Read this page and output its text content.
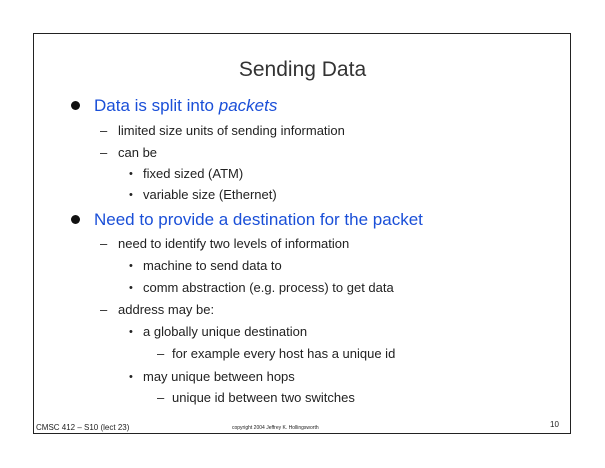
Sending Data
Data is split into packets
– limited size units of sending information
– can be
• fixed sized (ATM)
• variable size (Ethernet)
Need to provide a destination for the packet
– need to identify two levels of information
• machine to send data to
• comm abstraction (e.g. process) to get data
– address may be:
• a globally unique destination
– for example every host has a unique id
• may unique between hops
– unique id between two switches
CMSC 412 – S10 (lect 23)	copyright 2004 Jeffrey K. Hollingsworth	10
